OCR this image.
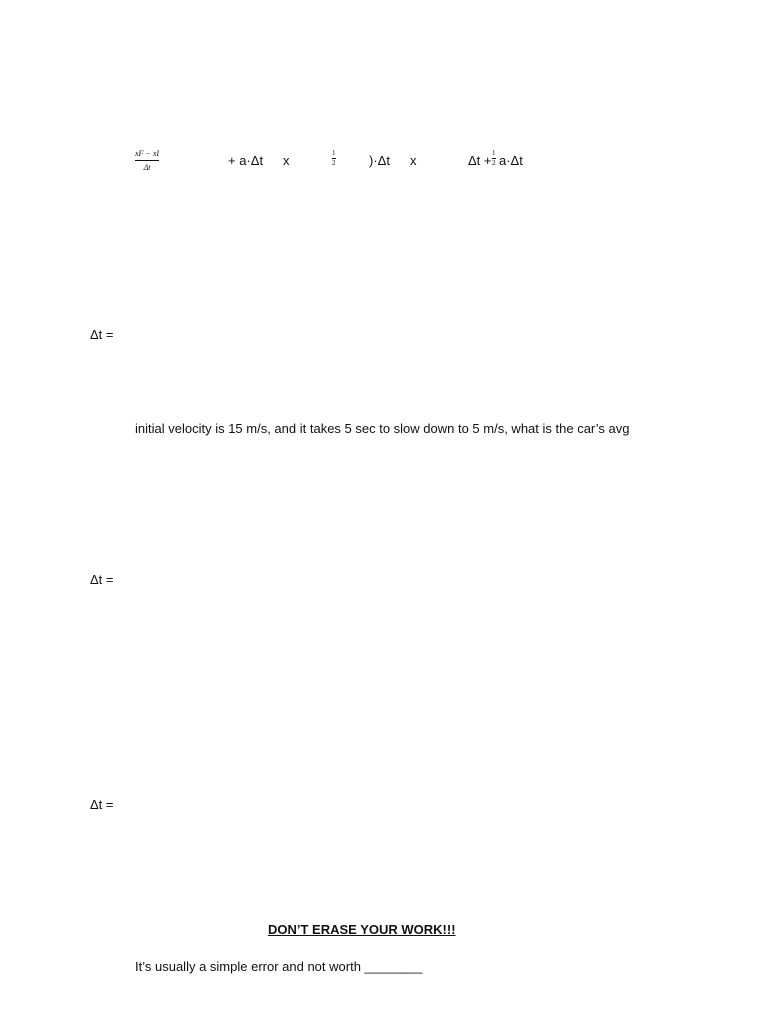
xF − xI
Δt	+ a·Δt x	1
2	)·Δt x	Δt + 1
2 a·Δt
Δt =
initial velocity is 15 m/s, and it takes 5 sec to slow down to 5 m/s, what is the car’s avg
Δt =
Δt =
DON’T ERASE YOUR WORK!!!
It’s usually a simple error and not worth ________
